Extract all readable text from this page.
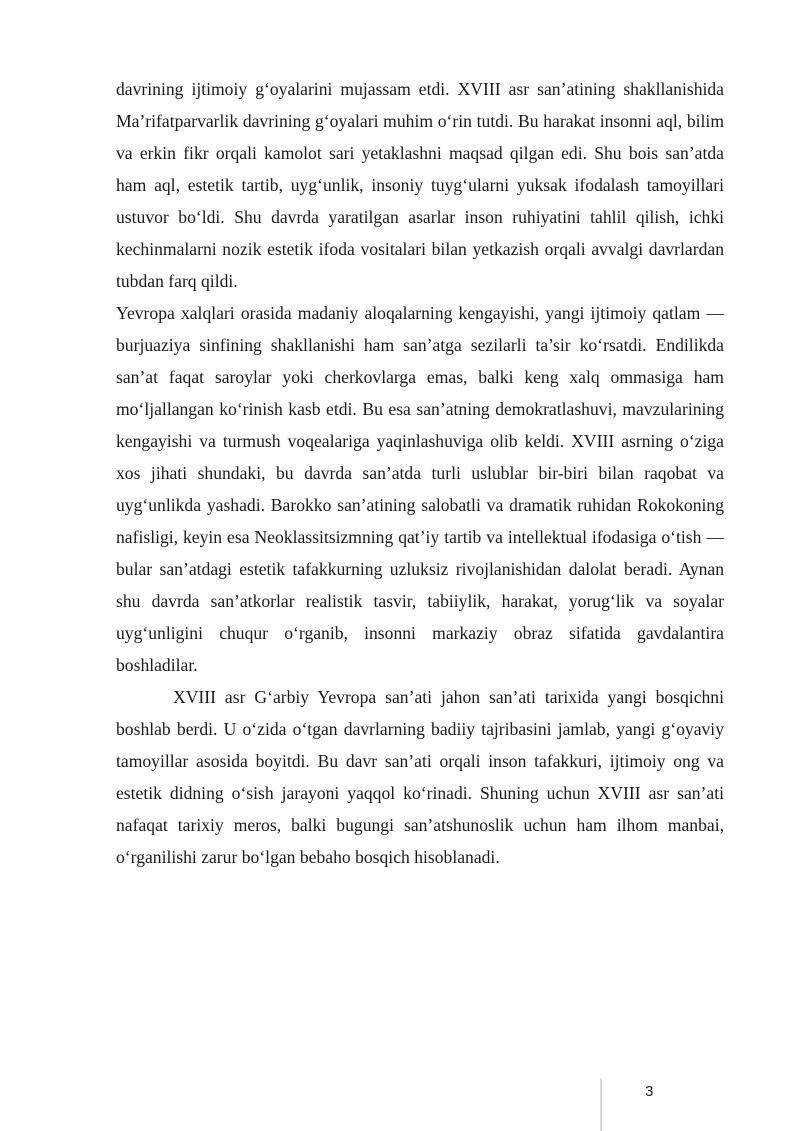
davrining ijtimoiy g‘oyalarini mujassam etdi. XVIII asr san’atining shakllanishida Ma’rifatparvarlik davrining g‘oyalari muhim o‘rin tutdi. Bu harakat insonni aql, bilim va erkin fikr orqali kamolot sari yetaklashni maqsad qilgan edi. Shu bois san’atda ham aql, estetik tartib, uyg‘unlik, insoniy tuyg‘ularni yuksak ifodalash tamoyillari ustuvor bo‘ldi. Shu davrda yaratilgan asarlar inson ruhiyatini tahlil qilish, ichki kechinmalarni nozik estetik ifoda vositalari bilan yetkazish orqali avvalgi davrlardan tubdan farq qildi.

Yevropa xalqlari orasida madaniy aloqalarning kengayishi, yangi ijtimoiy qatlam — burjuaziya sinfining shakllanishi ham san’atga sezilarli ta’sir ko‘rsatdi. Endilikda san’at faqat saroylar yoki cherkovlarga emas, balki keng xalq ommasiga ham mo‘ljallangan ko‘rinish kasb etdi. Bu esa san’atning demokratlashuvi, mavzularining kengayishi va turmush voqealariga yaqinlashuviga olib keldi. XVIII asrning o‘ziga xos jihati shundaki, bu davrda san’atda turli uslublar bir-biri bilan raqobat va uyg‘unlikda yashadi. Barokko san’atining salobatli va dramatik ruhidan Rokokoning nafisligi, keyin esa Neoklassitsizmning qat’iy tartib va intellektual ifodasiga o‘tish — bular san’atdagi estetik tafakkurning uzluksiz rivojlanishidan dalolat beradi. Aynan shu davrda san’atkorlar realistik tasvir, tabiiylik, harakat, yorug‘lik va soyalar uyg‘unligini chuqur o‘rganib, insonni markaziy obraz sifatida gavdalantira boshladilar.

XVIII asr G‘arbiy Yevropa san’ati jahon san’ati tarixida yangi bosqichni boshlab berdi. U o‘zida o‘tgan davrlarning badiiy tajribasini jamlab, yangi g‘oyaviy tamoyillar asosida boyitdi. Bu davr san’ati orqali inson tafakkuri, ijtimoiy ong va estetik didning o‘sish jarayoni yaqqol ko‘rinadi. Shuning uchun XVIII asr san’ati nafaqat tarixiy meros, balki bugungi san’atshunoslik uchun ham ilhom manbai, o‘rganilishi zarur bo‘lgan bebaho bosqich hisoblanadi.

3
